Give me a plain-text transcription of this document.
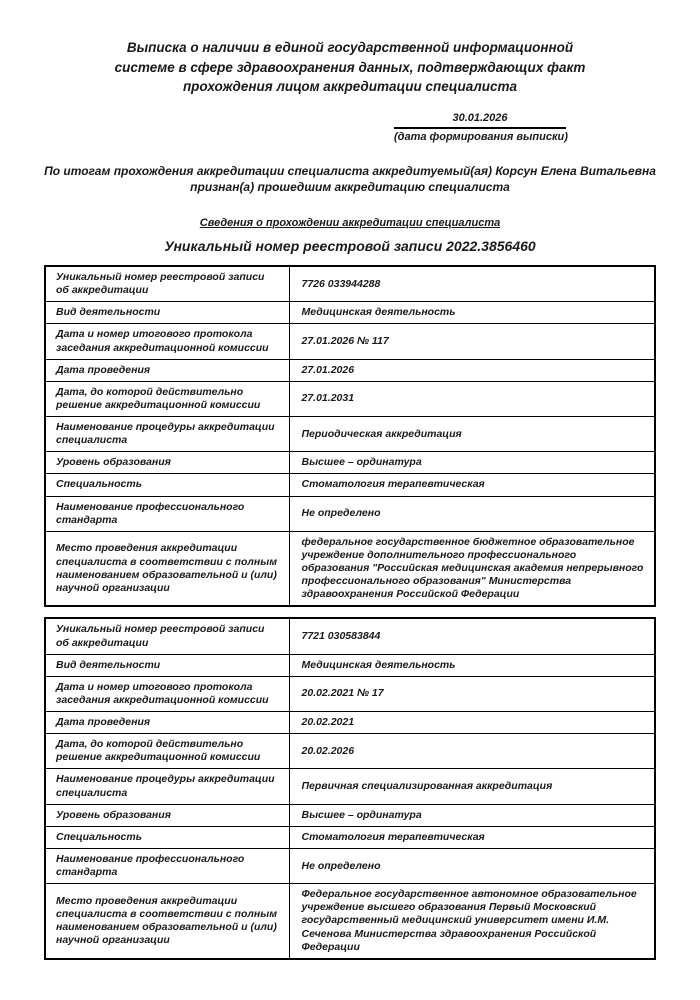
Выписка о наличии в единой государственной информационной
системе в сфере здравоохранения данных, подтверждающих факт
прохождения лицом аккредитации специалиста
30.01.2026
(дата формирования выписки)
По итогам прохождения аккредитации специалиста аккредитуемый(ая) Корсун Елена Витальевна
признан(а) прошедшим аккредитацию специалиста
Сведения о прохождении аккредитации специалиста
Уникальный номер реестровой записи 2022.3856460
Уникальный номер реестровой записи об аккредитации	7726 033944288
Вид деятельности	Медицинская деятельность
Дата и номер итогового протокола заседания аккредитационной комиссии	27.01.2026 № 117
Дата проведения	27.01.2026
Дата, до которой действительно решение аккредитационной комиссии	27.01.2031
Наименование процедуры аккредитации специалиста	Периодическая аккредитация
Уровень образования	Высшее – ординатура
Специальность	Стоматология терапевтическая
Наименование профессионального стандарта	Не определено
Место проведения аккредитации специалиста в соответствии с полным наименованием образовательной и (или) научной организации	федеральное государственное бюджетное образовательное учреждение дополнительного профессионального образования "Российская медицинская академия непрерывного профессионального образования" Министерства здравоохранения Российской Федерации
Уникальный номер реестровой записи об аккредитации	7721 030583844
Вид деятельности	Медицинская деятельность
Дата и номер итогового протокола заседания аккредитационной комиссии	20.02.2021 № 17
Дата проведения	20.02.2021
Дата, до которой действительно решение аккредитационной комиссии	20.02.2026
Наименование процедуры аккредитации специалиста	Первичная специализированная аккредитация
Уровень образования	Высшее – ординатура
Специальность	Стоматология терапевтическая
Наименование профессионального стандарта	Не определено
Место проведения аккредитации специалиста в соответствии с полным наименованием образовательной и (или) научной организации	Федеральное государственное автономное образовательное учреждение высшего образования Первый Московский государственный медицинский университет имени И.М. Сеченова Министерства здравоохранения Российской Федерации
